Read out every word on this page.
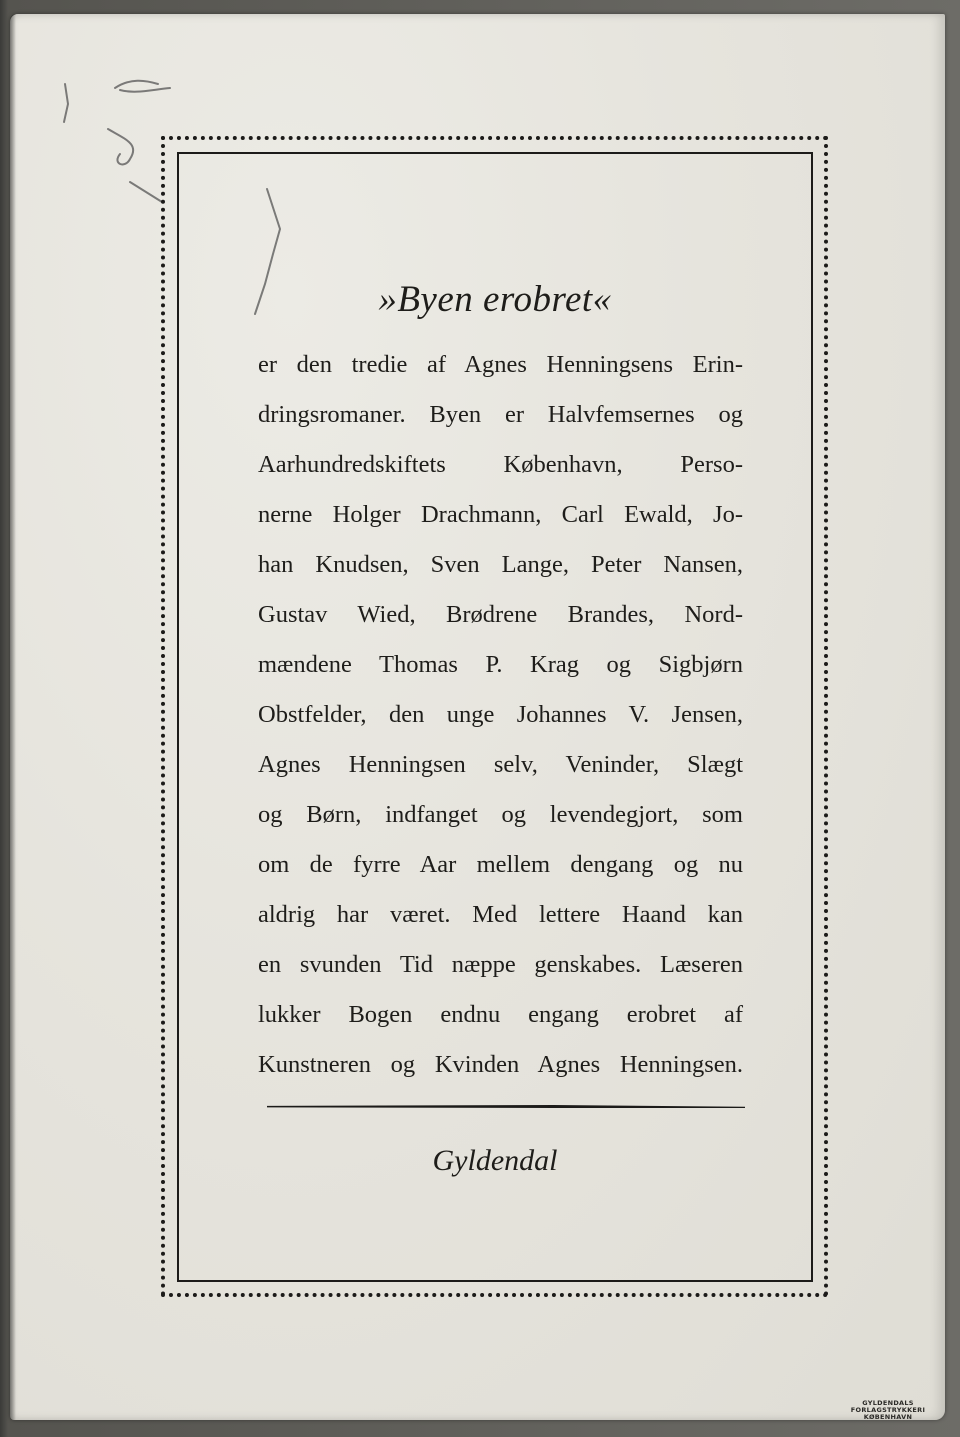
»Byen erobret«
er den tredie af Agnes Henningsens Erin-
dringsromaner. Byen er Halvfemsernes og
Aarhundredskiftets København, Perso-
nerne Holger Drachmann, Carl Ewald, Jo-
han Knudsen, Sven Lange, Peter Nansen,
Gustav Wied, Brødrene Brandes, Nord-
mændene Thomas P. Krag og Sigbjørn
Obstfelder, den unge Johannes V. Jensen,
Agnes Henningsen selv, Veninder, Slægt
og Børn, indfanget og levendegjort, som
om de fyrre Aar mellem dengang og nu
aldrig har været. Med lettere Haand kan
en svunden Tid næppe genskabes. Læseren
lukker Bogen endnu engang erobret af
Kunstneren og Kvinden Agnes Henningsen.
Gyldendal
GYLDENDALS
FORLAGSTRYKKERI
KØBENHAVN
